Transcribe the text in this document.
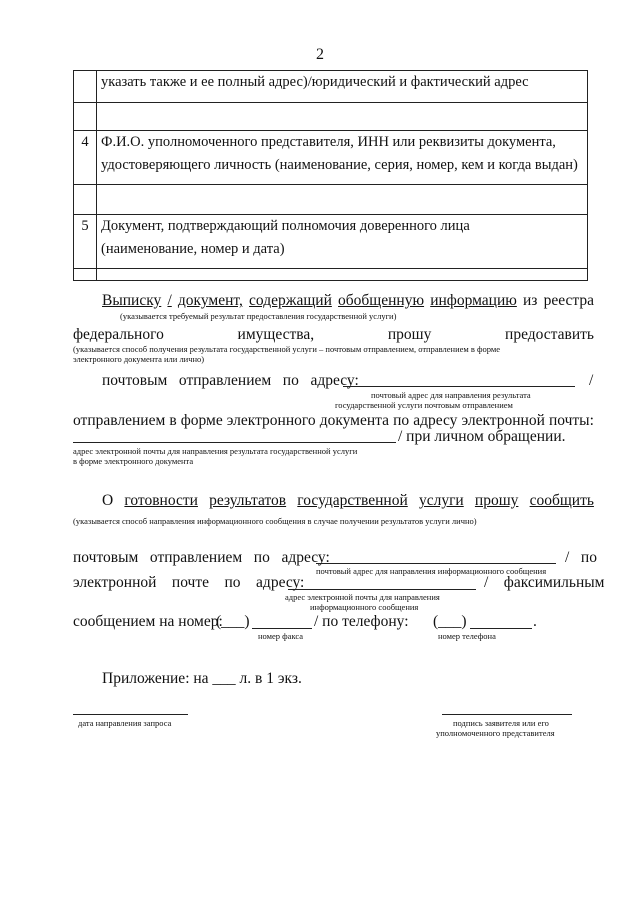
2
	указать также и ее полный адрес)/юридический и фактический адрес

4	Ф.И.О. уполномоченного представителя, ИНН или реквизиты документа,
удостоверяющего личность (наименование, серия, номер, кем и когда выдан)

5	Документ, подтверждающий полномочия доверенного лица
(наименование, номер и дата)

Выписку / документ, содержащий обобщенную информацию из реестра
(указывается требуемый результат предоставления государственной услуги)
федерального	имущества,	прошу	предоставить
(указывается способ получения результата государственной услуги – почтовым отправлением, отправлением в форме
электронного документа или лично)
почтовым   отправлением   по   адресу:	/
почтовый адрес для направления результата
государственной услуги почтовым отправлением
отправлением в форме электронного документа по адресу электронной почты:
/ при личном обращении.
адрес электронной почты для направления результата государственной услуги
в форме электронного документа
О готовности результатов государственной услуги прошу сообщить
(указывается способ направления информационного сообщения в случае получении результатов услуги лично)
почтовым   отправлением   по   адресу:	/   по
почтовый адрес для направления информационного сообщения
электронной    почте    по    адресу:	/    факсимильным
адрес электронной почты для направления
информационного сообщения
сообщением на номер:
(___)	/ по телефону: (___)	.
номер факса	номер телефона
Приложение: на ___ л. в 1 экз.
дата направления запроса	подпись заявителя или его
уполномоченного представителя
